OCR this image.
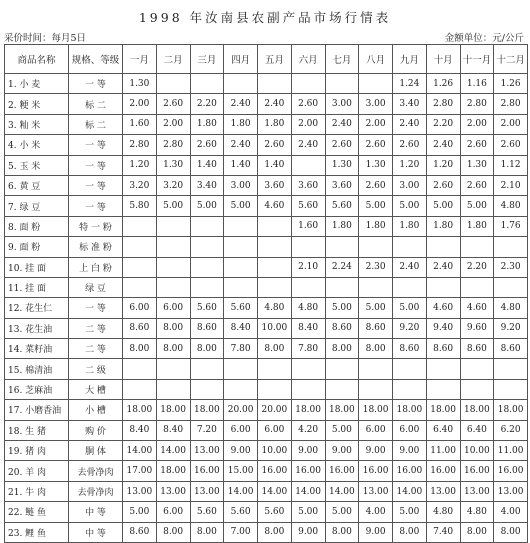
1998 年汝南县农副产品市场行情表
采价时间：每月5日	金额单位：元/公斤
商品名称	规格、等级	一月	二月	三月	四月	五月	六月	七月	八月	九月	十月	十一月	十二月
1. 小 麦	一 等	1.30								1.24	1.26	1.16	1.26
2. 粳 米	标 二	2.00	2.60	2.20	2.40	2.40	2.60	3.00	3.00	3.40	2.80	2.80	2.80
3. 籼 米	标 二	1.60	2.00	1.80	1.80	1.80	2.00	2.40	2.00	2.40	2.20	2.00	2.00
4. 小 米	一 等	2.80	2.80	2.60	2.40	2.60	2.40	2.60	2.60	2.60	2.40	2.60	2.60
5. 玉 米	一 等	1.20	1.30	1.40	1.40	1.40		1.30	1.30	1.20	1.20	1.30	1.12
6. 黄 豆	一 等	3.20	3.20	3.40	3.00	3.60	3.60	3.60	2.60	3.00	2.60	2.60	2.10
7. 绿 豆	一 等	5.80	5.00	5.00	5.00	4.60	5.60	5.60	5.00	5.00	5.00	5.00	4.80
8. 面 粉	特 一 粉						1.60	1.80	1.80	1.80	1.80	1.80	1.76
9. 面 粉	标 准 粉												
10. 挂 面	上 白 粉						2.10	2.24	2.30	2.40	2.40	2.20	2.30
11. 挂 面	绿 豆												
12. 花生仁	一 等	6.00	6.00	5.60	5.60	4.80	4.80	5.00	5.00	5.00	4.60	4.60	4.80
13. 花生油	二 等	8.60	8.00	8.60	8.40	10.00	8.40	8.60	8.60	9.20	9.40	9.60	9.20
14. 菜籽油	二 等	8.00	8.00	8.00	7.80	8.00	7.80	8.00	8.00	8.60	8.60	8.60	8.60
15. 棉清油	二 级												
16. 芝麻油	大 槽												
17. 小磨香油	小 槽	18.00	18.00	18.00	20.00	20.00	18.00	18.00	18.00	18.00	18.00	18.00	18.00
18. 生 猪	购 价	8.40	8.40	7.20	6.00	6.00	4.20	5.00	6.00	6.00	6.40	6.40	6.20
19. 猪 肉	胴 体	14.00	14.00	13.00	9.00	10.00	9.00	9.00	9.00	9.00	11.00	10.00	11.00
20. 羊 肉	去骨净肉	17.00	18.00	16.00	15.00	16.00	16.00	16.00	16.00	16.00	16.00	16.00	16.00
21. 牛 肉	去骨净肉	13.00	13.00	13.00	14.00	14.00	14.00	14.00	13.00	14.00	13.00	13.00	13.00
22. 鲢 鱼	中 等	5.00	6.00	5.60	5.60	5.60	5.00	5.00	4.00	5.00	4.80	4.80	4.00
23. 鲤 鱼	中 等	8.60	8.00	8.00	7.00	8.00	9.00	8.00	9.00	8.00	7.40	8.00	8.00
